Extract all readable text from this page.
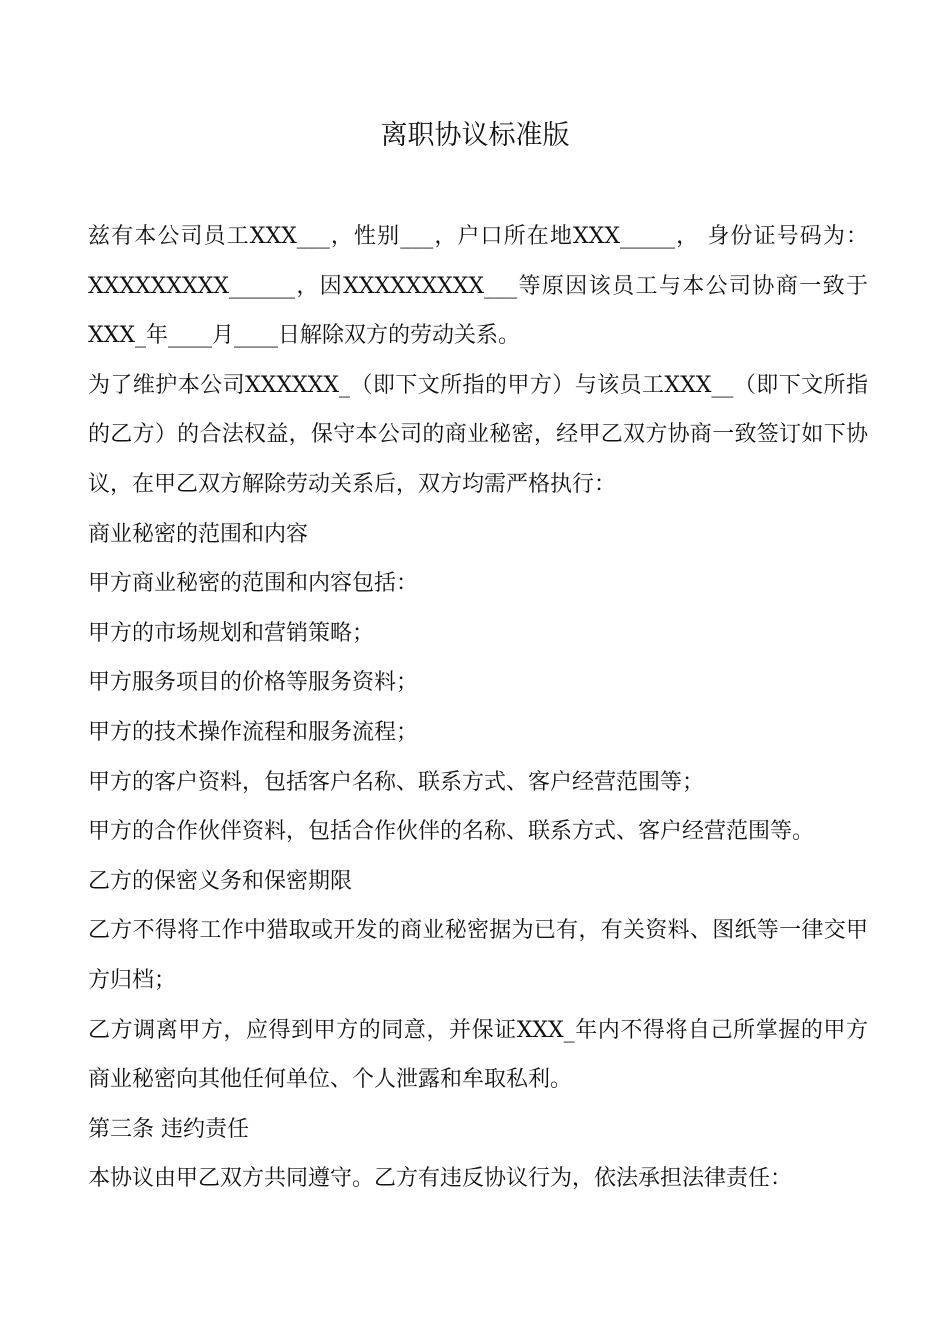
离职协议标准版

兹有本公司员工XXX___，性别___，户口所在地XXX_____， 身份证号码为：XXXXXXXXX______，因XXXXXXXXX___等原因该员工与本公司协商一致于XXX_年____月____日解除双方的劳动关系。

为了维护本公司XXXXXX_（即下文所指的甲方）与该员工XXX__（即下文所指的乙方）的合法权益，保守本公司的商业秘密，经甲乙双方协商一致签订如下协议，在甲乙双方解除劳动关系后，双方均需严格执行：

商业秘密的范围和内容

甲方商业秘密的范围和内容包括：

甲方的市场规划和营销策略；

甲方服务项目的价格等服务资料；

甲方的技术操作流程和服务流程；

甲方的客户资料，包括客户名称、联系方式、客户经营范围等；

甲方的合作伙伴资料，包括合作伙伴的名称、联系方式、客户经营范围等。

乙方的保密义务和保密期限

乙方不得将工作中猎取或开发的商业秘密据为已有，有关资料、图纸等一律交甲方归档；

乙方调离甲方，应得到甲方的同意，并保证XXX_年内不得将自己所掌握的甲方商业秘密向其他任何单位、个人泄露和牟取私利。

第三条 违约责任

本协议由甲乙双方共同遵守。乙方有违反协议行为，依法承担法律责任：
